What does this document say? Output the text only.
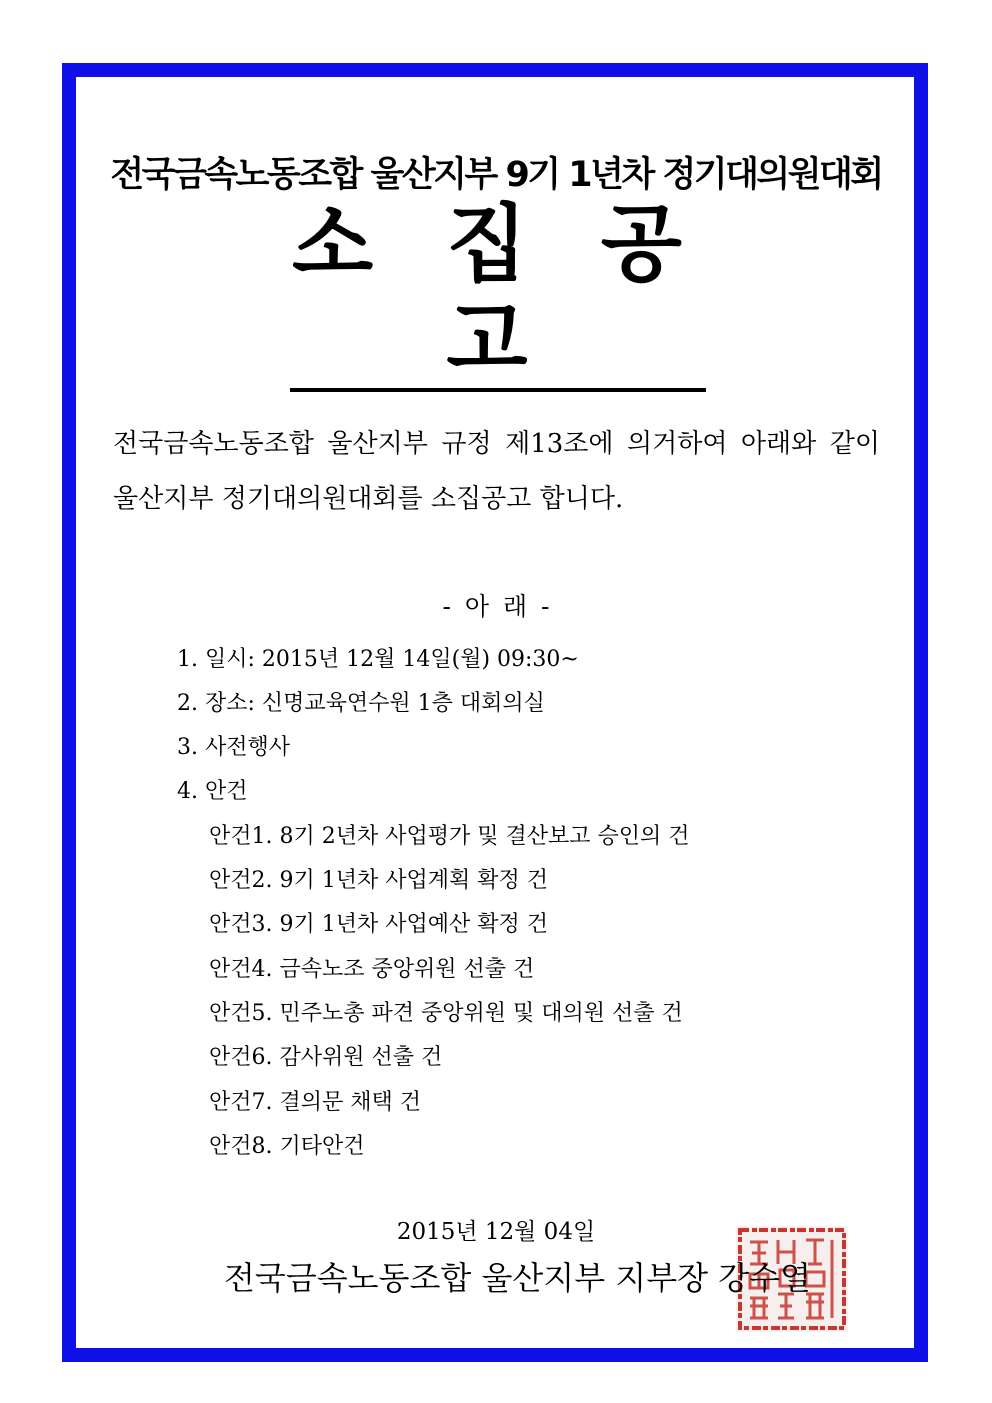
전국금속노동조합 울산지부 9기 1년차 정기대의원대회
소 집 공 고
전국금속노동조합 울산지부 규정 제13조에 의거하여 아래와 같이
울산지부 정기대의원대회를 소집공고 합니다.
- 아 래 -
1. 일시: 2015년 12월 14일(월) 09:30~
2. 장소: 신명교육연수원 1층 대회의실
3. 사전행사
4. 안건
안건1. 8기 2년차 사업평가 및 결산보고 승인의 건
안건2. 9기 1년차 사업계획 확정 건
안건3. 9기 1년차 사업예산 확정 건
안건4. 금속노조 중앙위원 선출 건
안건5. 민주노총 파견 중앙위원 및 대의원 선출 건
안건6. 감사위원 선출 건
안건7. 결의문 채택 건
안건8. 기타안건
2015년 12월 04일
전국금속노동조합 울산지부 지부장 강수열
